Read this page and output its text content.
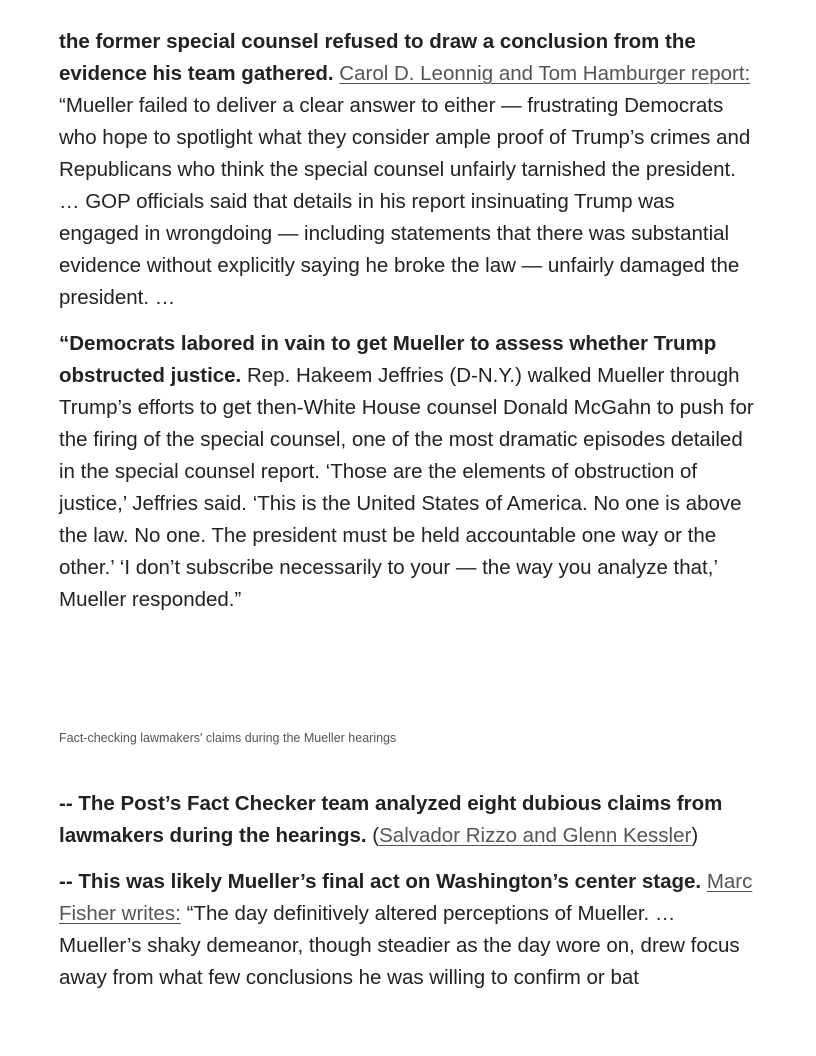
the former special counsel refused to draw a conclusion from the evidence his team gathered. Carol D. Leonnig and Tom Hamburger report: “Mueller failed to deliver a clear answer to either — frustrating Democrats who hope to spotlight what they consider ample proof of Trump’s crimes and Republicans who think the special counsel unfairly tarnished the president. … GOP officials said that details in his report insinuating Trump was engaged in wrongdoing — including statements that there was substantial evidence without explicitly saying he broke the law — unfairly damaged the president. …

“Democrats labored in vain to get Mueller to assess whether Trump obstructed justice. Rep. Hakeem Jeffries (D-N.Y.) walked Mueller through Trump’s efforts to get then-White House counsel Donald McGahn to push for the firing of the special counsel, one of the most dramatic episodes detailed in the special counsel report. ‘Those are the elements of obstruction of justice,’ Jeffries said. ‘This is the United States of America. No one is above the law. No one. The president must be held accountable one way or the other.’ ‘I don’t subscribe necessarily to your — the way you analyze that,’ Mueller responded.”

Fact-checking lawmakers' claims during the Mueller hearings

-- The Post’s Fact Checker team analyzed eight dubious claims from lawmakers during the hearings. (Salvador Rizzo and Glenn Kessler)

-- This was likely Mueller’s final act on Washington’s center stage. Marc Fisher writes: “The day definitively altered perceptions of Mueller. … Mueller’s shaky demeanor, though steadier as the day wore on, drew focus away from what few conclusions he was willing to confirm or bat
